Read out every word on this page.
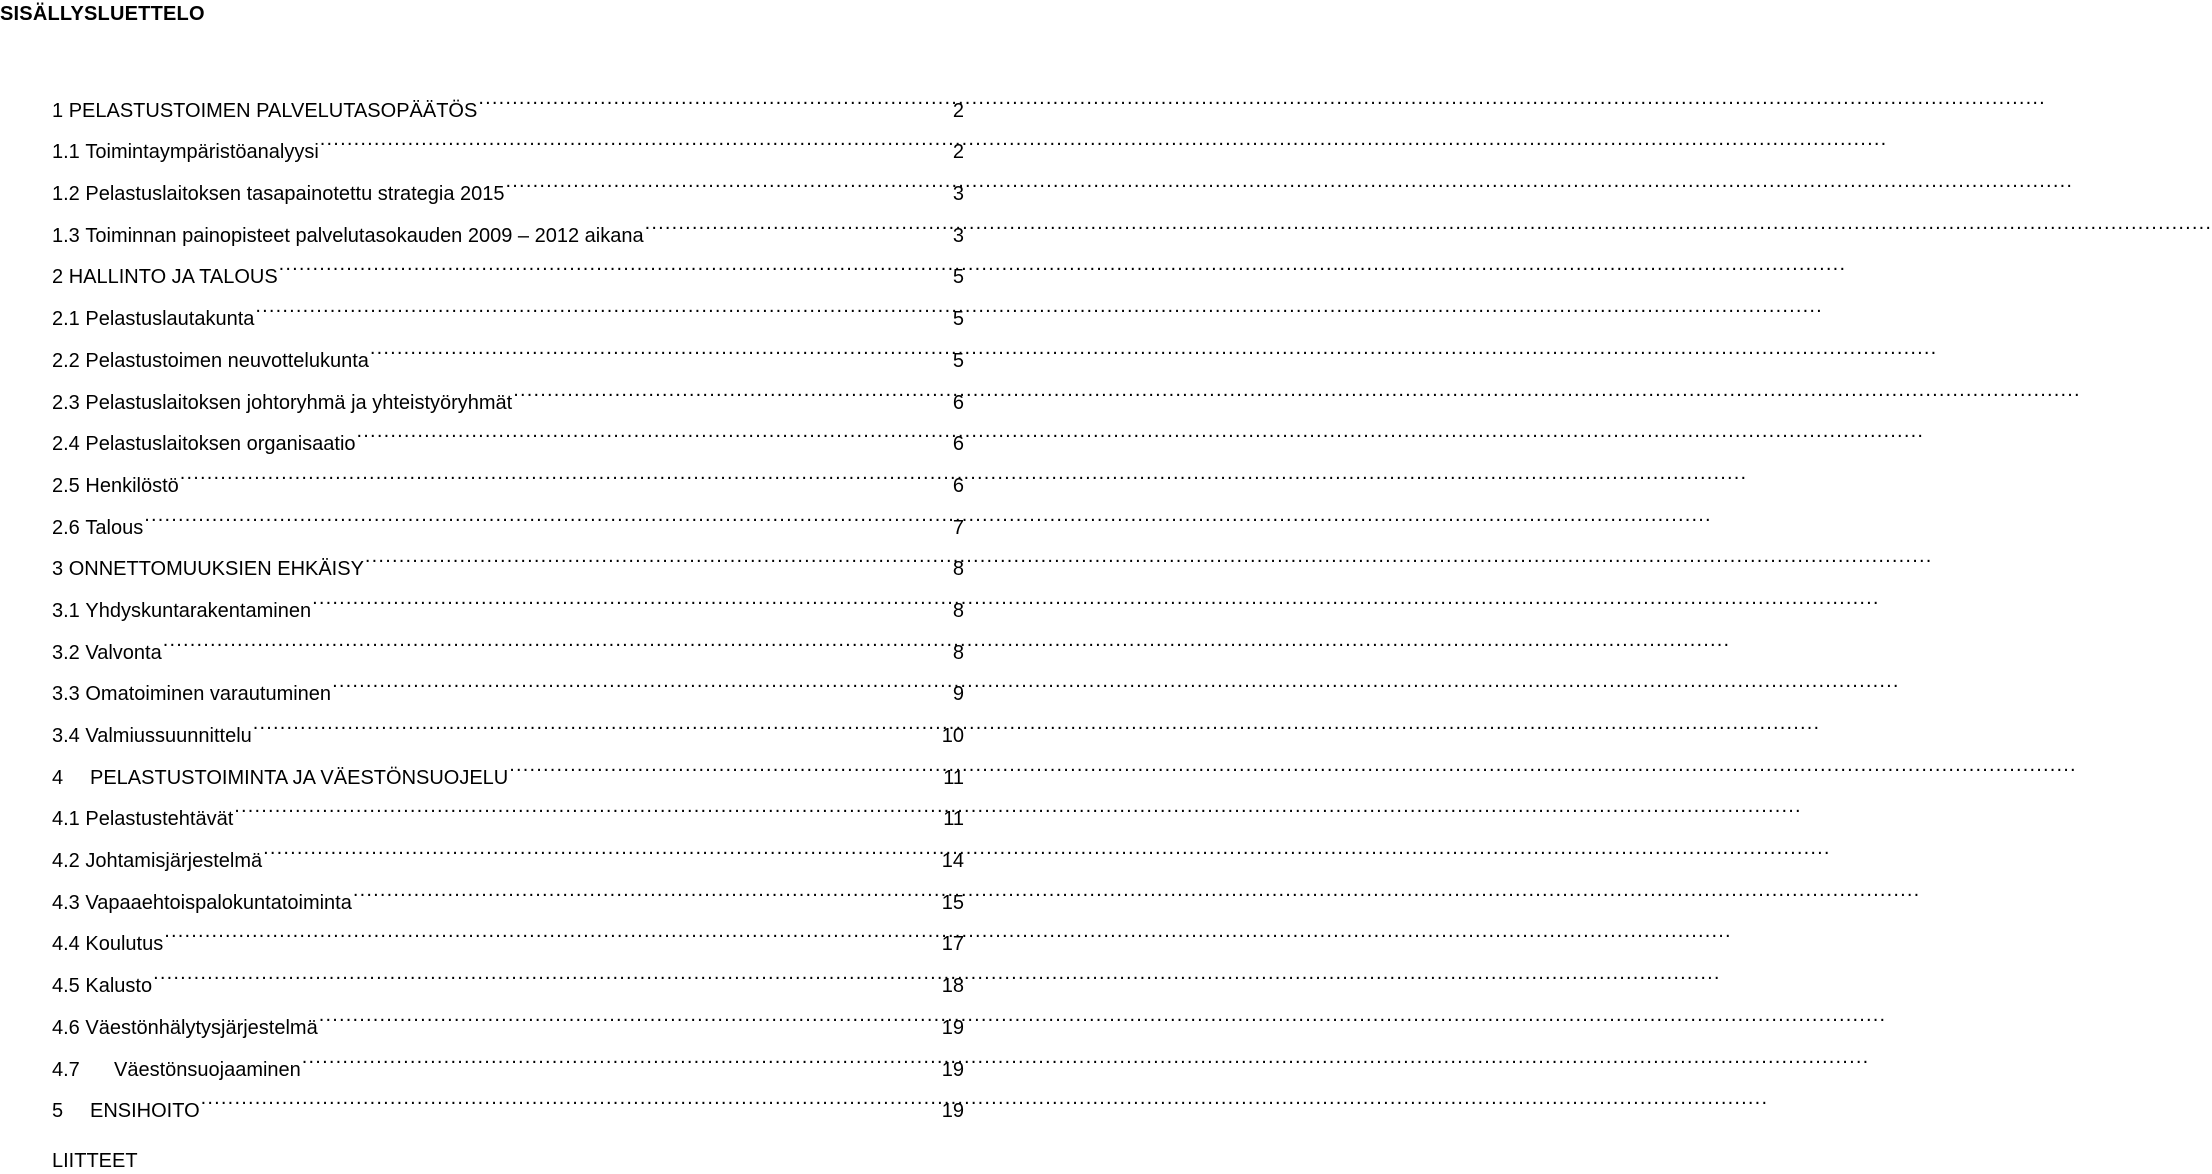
SISÄLLYSLUETTELO
1 PELASTUSTOIMEN PALVELUTASOPÄÄTÖS .....	2
1.1 Toimintaympäristöanalyysi .....	2
1.2 Pelastuslaitoksen tasapainotettu strategia 2015 .....	3
1.3 Toiminnan painopisteet palvelutasokauden 2009 – 2012 aikana .....	3
2 HALLINTO JA TALOUS .....	5
2.1 Pelastuslautakunta .....	5
2.2 Pelastustoimen neuvottelukunta .....	5
2.3 Pelastuslaitoksen johtoryhmä ja yhteistyöryhmät .....	6
2.4 Pelastuslaitoksen organisaatio .....	6
2.5 Henkilöstö .....	6
2.6 Talous .....	7
3 ONNETTOMUUKSIEN EHKÄISY .....	8
3.1 Yhdyskuntarakentaminen .....	8
3.2 Valvonta .....	8
3.3 Omatoiminen varautuminen .....	9
3.4 Valmiussuunnittelu .....	10
4	PELASTUSTOIMINTA JA VÄESTÖNSUOJELU .....	11
4.1 Pelastustehtävät .....	11
4.2 Johtamisjärjestelmä .....	14
4.3 Vapaaehtoispalokuntatoiminta .....	15
4.4 Koulutus .....	17
4.5 Kalusto .....	18
4.6 Väestönhälytysjärjestelmä .....	19
4.7	Väestönsuojaaminen .....	19
5	ENSIHOITO .....	19
LIITTEET
